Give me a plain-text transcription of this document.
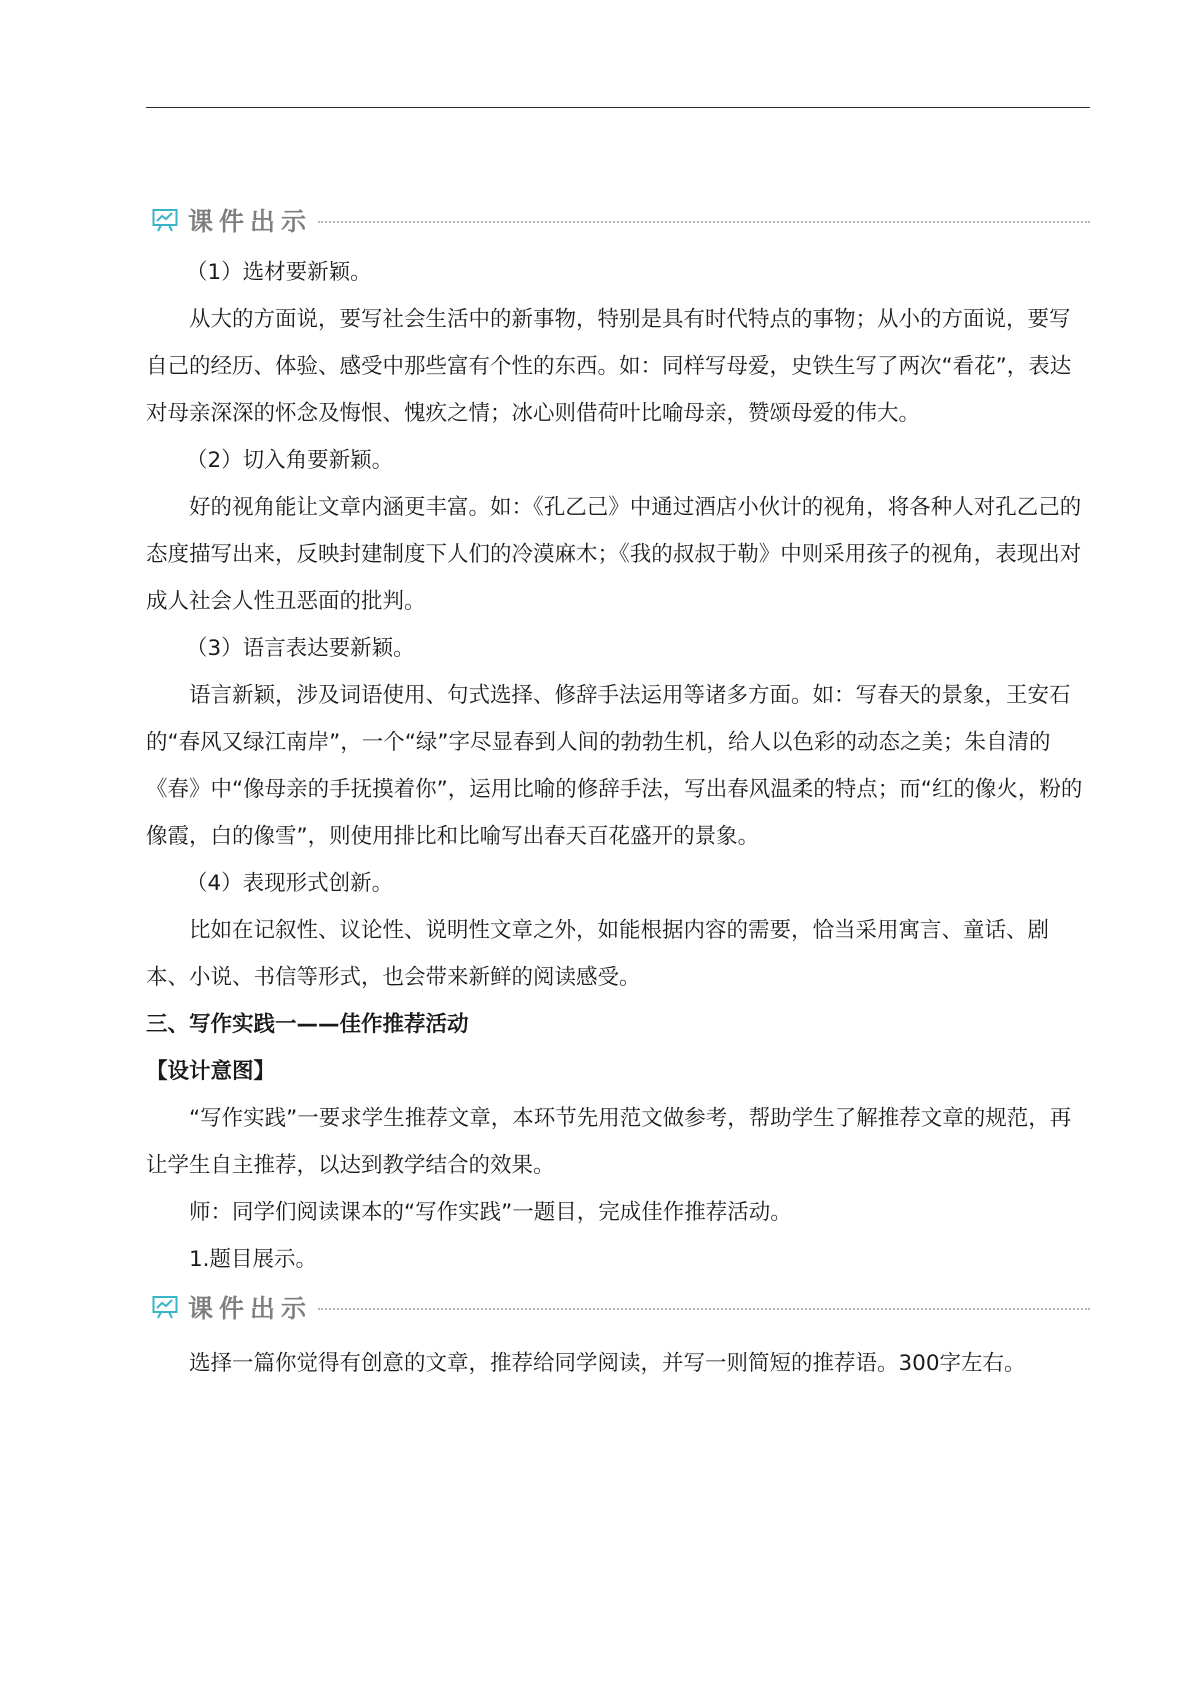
课件出示

（1）选材要新颖。

从大的方面说，要写社会生活中的新事物，特别是具有时代特点的事物；从小的方面说，要写自己的经历、体验、感受中那些富有个性的东西。如：同样写母爱，史铁生写了两次“看花”，表达对母亲深深的怀念及悔恨、愧疚之情；冰心则借荷叶比喻母亲，赞颂母爱的伟大。

（2）切入角要新颖。

好的视角能让文章内涵更丰富。如：《孔乙己》中通过酒店小伙计的视角，将各种人对孔乙己的态度描写出来，反映封建制度下人们的冷漠麻木；《我的叔叔于勒》中则采用孩子的视角，表现出对成人社会人性丑恶面的批判。

（3）语言表达要新颖。

语言新颖，涉及词语使用、句式选择、修辞手法运用等诸多方面。如：写春天的景象，王安石的“春风又绿江南岸”，一个“绿”字尽显春到人间的勃勃生机，给人以色彩的动态之美；朱自清的《春》中“像母亲的手抚摸着你”，运用比喻的修辞手法，写出春风温柔的特点；而“红的像火，粉的像霞，白的像雪”，则使用排比和比喻写出春天百花盛开的景象。

（4）表现形式创新。

比如在记叙性、议论性、说明性文章之外，如能根据内容的需要，恰当采用寓言、童话、剧本、小说、书信等形式，也会带来新鲜的阅读感受。

三、写作实践一——佳作推荐活动

【设计意图】

“写作实践”一要求学生推荐文章，本环节先用范文做参考，帮助学生了解推荐文章的规范，再让学生自主推荐，以达到教学结合的效果。

师：同学们阅读课本的“写作实践”一题目，完成佳作推荐活动。

1.题目展示。

课件出示

选择一篇你觉得有创意的文章，推荐给同学阅读，并写一则简短的推荐语。300字左右。
